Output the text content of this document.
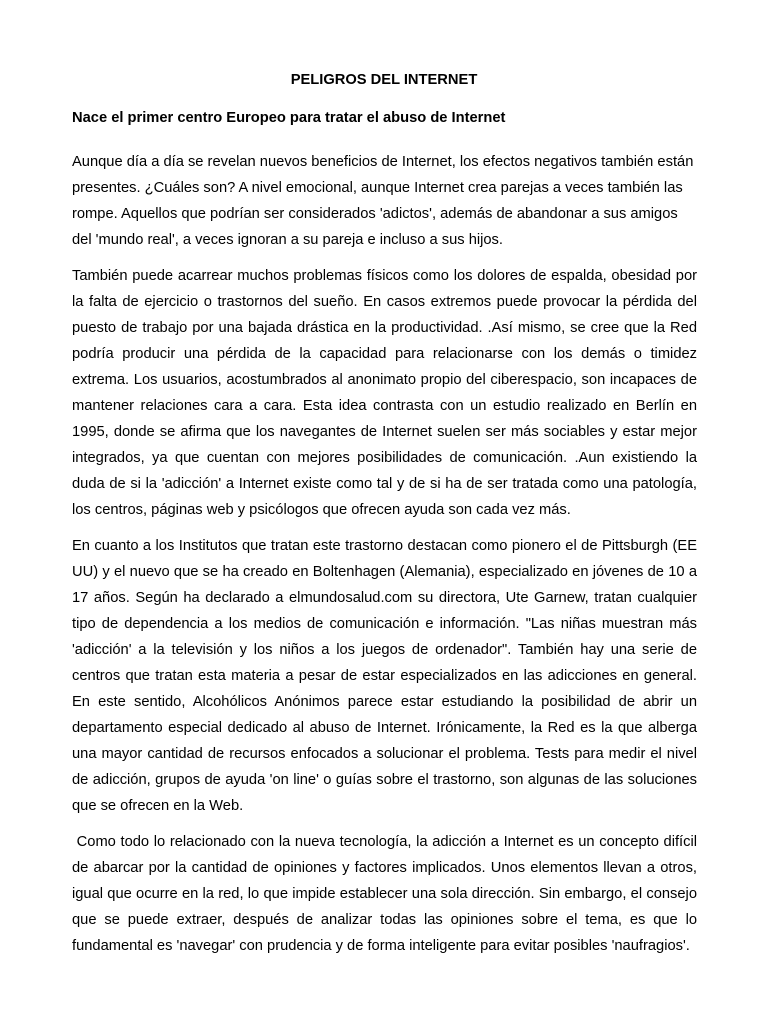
PELIGROS DEL INTERNET
Nace el primer centro Europeo para tratar el abuso de Internet

Aunque día a día se revelan nuevos beneficios de Internet, los efectos negativos también están presentes. ¿Cuáles son? A nivel emocional, aunque Internet crea parejas a veces también las rompe. Aquellos que podrían ser considerados 'adictos', además de abandonar a sus amigos del 'mundo real', a veces ignoran a su pareja e incluso a sus hijos.

También puede acarrear muchos problemas físicos como los dolores de espalda, obesidad por la falta de ejercicio o trastornos del sueño. En casos extremos puede provocar la pérdida del puesto de trabajo por una bajada drástica en la productividad. .Así mismo, se cree que la Red podría producir una pérdida de la capacidad para relacionarse con los demás o timidez extrema. Los usuarios, acostumbrados al anonimato propio del ciberespacio, son incapaces de mantener relaciones cara a cara. Esta idea contrasta con un estudio realizado en Berlín en 1995, donde se afirma que los navegantes de Internet suelen ser más sociables y estar mejor integrados, ya que cuentan con mejores posibilidades de comunicación. .Aun existiendo la duda de si la 'adicción' a Internet existe como tal y de si ha de ser tratada como una patología, los centros, páginas web y psicólogos que ofrecen ayuda son cada vez más.

En cuanto a los Institutos que tratan este trastorno destacan como pionero el de Pittsburgh (EE UU) y el nuevo que se ha creado en Boltenhagen (Alemania), especializado en jóvenes de 10 a 17 años. Según ha declarado a elmundosalud.com su directora, Ute Garnew, tratan cualquier tipo de dependencia a los medios de comunicación e información. "Las niñas muestran más 'adicción' a la televisión y los niños a los juegos de ordenador". También hay una serie de centros que tratan esta materia a pesar de estar especializados en las adicciones en general. En este sentido, Alcohólicos Anónimos parece estar estudiando la posibilidad de abrir un departamento especial dedicado al abuso de Internet. Irónicamente, la Red es la que alberga una mayor cantidad de recursos enfocados a solucionar el problema. Tests para medir el nivel de adicción, grupos de ayuda 'on line' o guías sobre el trastorno, son algunas de las soluciones que se ofrecen en la Web.

Como todo lo relacionado con la nueva tecnología, la adicción a Internet es un concepto difícil de abarcar por la cantidad de opiniones y factores implicados. Unos elementos llevan a otros, igual que ocurre en la red, lo que impide establecer una sola dirección. Sin embargo, el consejo que se puede extraer, después de analizar todas las opiniones sobre el tema, es que lo fundamental es 'navegar' con prudencia y de forma inteligente para evitar posibles 'naufragios'.
